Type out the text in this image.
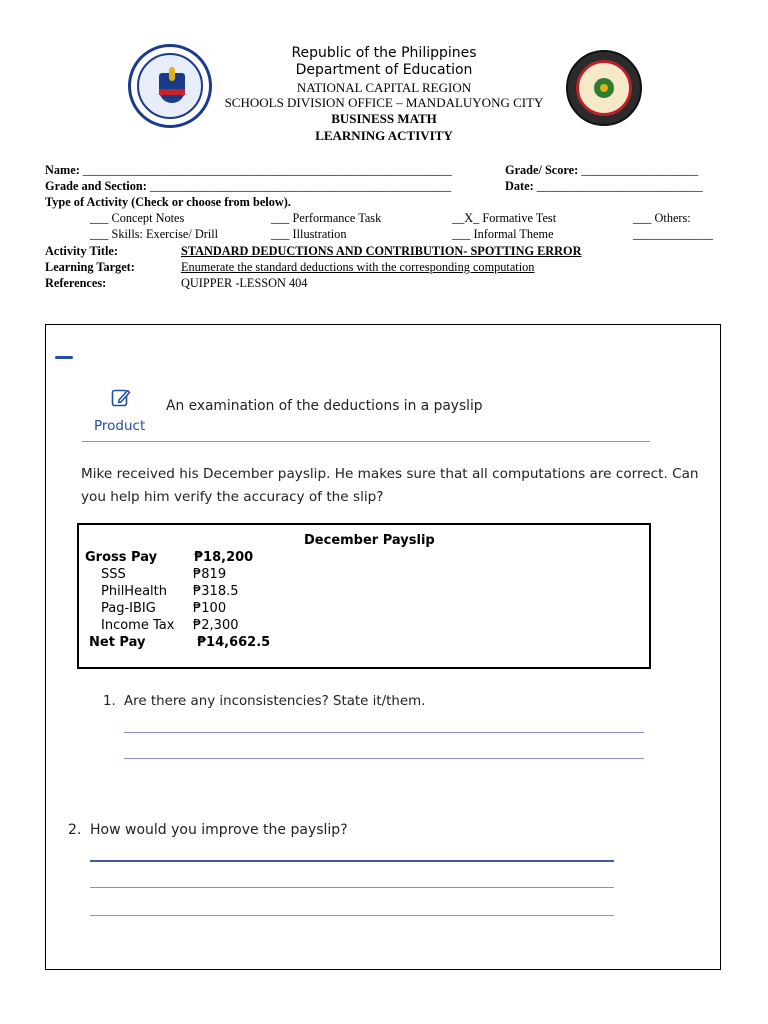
Republic of the Philippines
Department of Education
NATIONAL CAPITAL REGION
SCHOOLS DIVISION OFFICE – MANDALUYONG CITY
BUSINESS MATH
LEARNING ACTIVITY
Name: ____________________________________________________________	Grade/ Score: ___________________
Grade and Section: _________________________________________________	Date: ___________________________
Type of Activity (Check or choose from below).
___ Concept Notes	___ Performance Task	__X_ Formative Test	___ Others:
___ Skills: Exercise/ Drill	___ Illustration	___ Informal Theme	_____________
Activity Title:	STANDARD DEDUCTIONS AND CONTRIBUTION- SPOTTING ERROR
Learning Target:	Enumerate the standard deductions with the corresponding computation
References:	QUIPPER -LESSON 404
Product
An examination of the deductions in a payslip
Mike received his December payslip. He makes sure that all computations are correct. Can
you help him verify the accuracy of the slip?
December Payslip
Gross Pay	₱18,200
SSS	₱819
PhilHealth ₱318.5
Pag-IBIG	₱100
Income Tax ₱2,300
Net Pay	₱14,662.5
1. Are there any inconsistencies? State it/them.
2. How would you improve the payslip?
